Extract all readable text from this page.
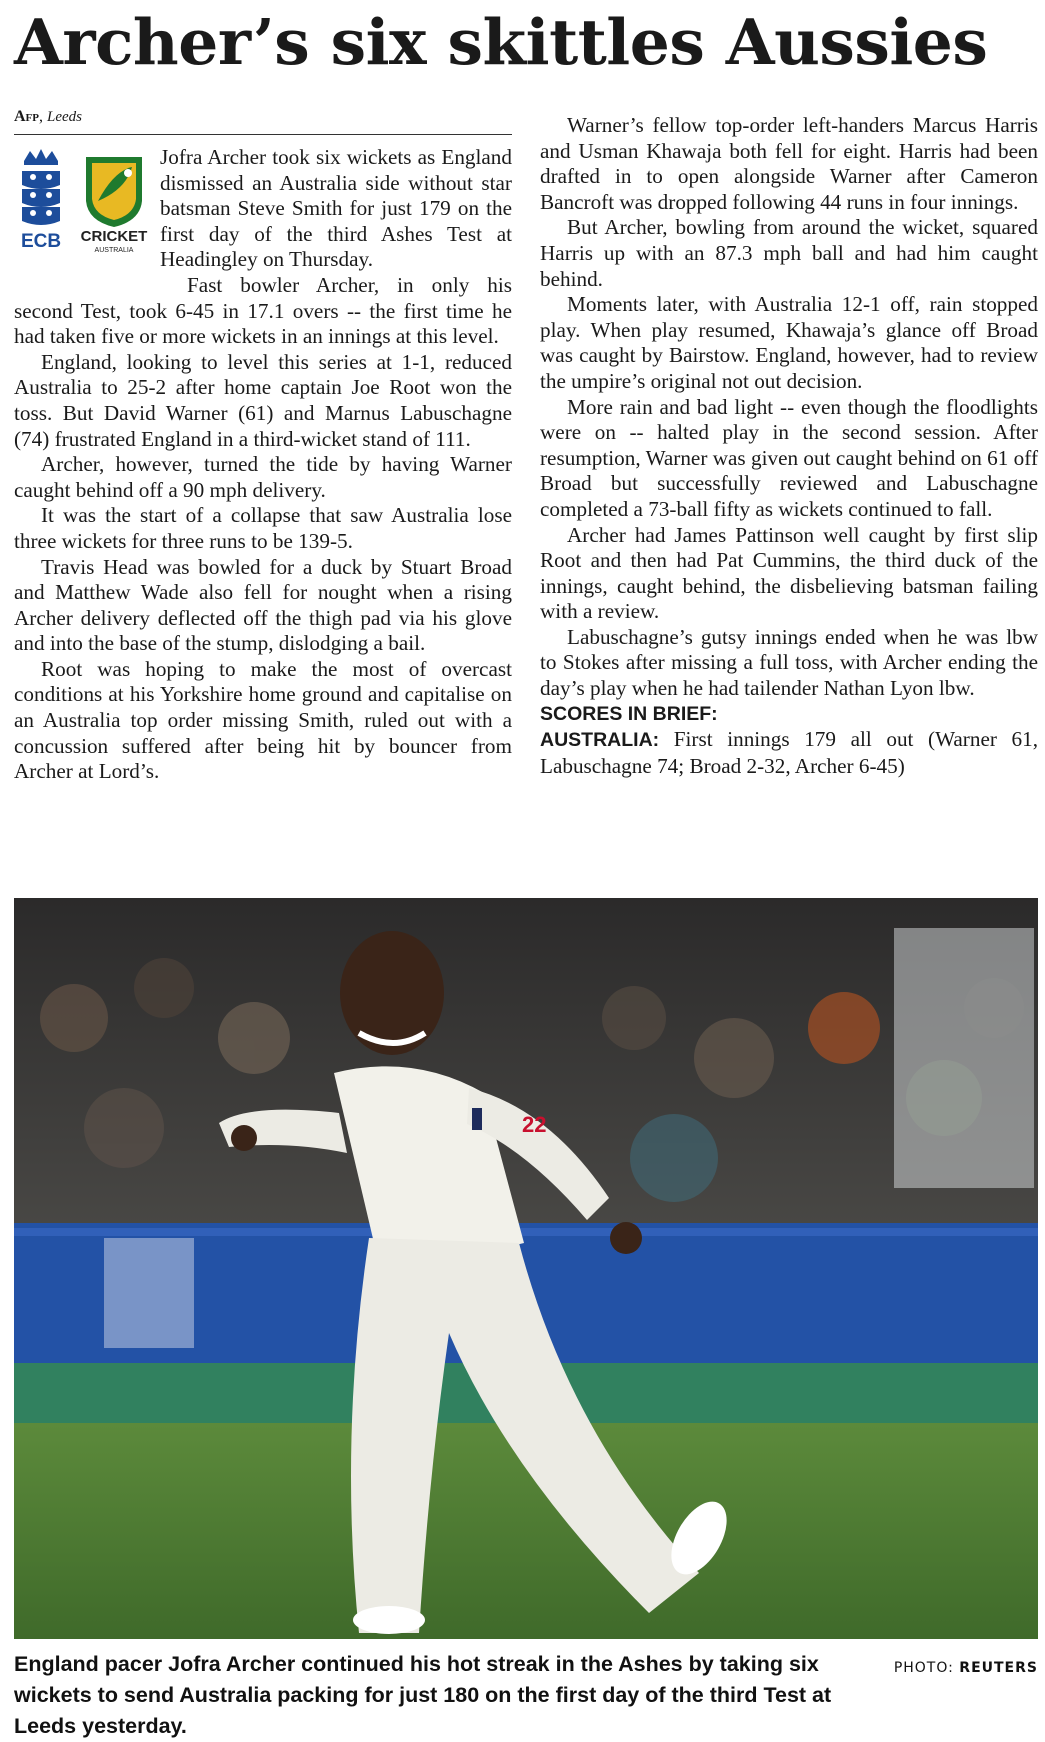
Archer’s six skittles Aussies
Afp, Leeds
ECB CRICKET
AUSTRALIA

Jofra Archer took six wickets as England dismissed an Australia side without star batsman Steve Smith for just 179 on the first day of the third Ashes Test at Headingley on Thursday.

Fast bowler Archer, in only his second Test, took 6-45 in 17.1 overs -- the first time he had taken five or more wickets in an innings at this level.

England, looking to level this series at 1-1, reduced Australia to 25-2 after home captain Joe Root won the toss. But David Warner (61) and Marnus Labuschagne (74) frustrated England in a third-wicket stand of 111.

Archer, however, turned the tide by having Warner caught behind off a 90 mph delivery.

It was the start of a collapse that saw Australia lose three wickets for three runs to be 139-5.

Travis Head was bowled for a duck by Stuart Broad and Matthew Wade also fell for nought when a rising Archer delivery deflected off the thigh pad via his glove and into the base of the stump, dislodging a bail.

Root was hoping to make the most of overcast conditions at his Yorkshire home ground and capitalise on an Australia top order missing Smith, ruled out with a concussion suffered after being hit by bouncer from Archer at Lord’s.

Warner’s fellow top-order left-handers Marcus Harris and Usman Khawaja both fell for eight. Harris had been drafted in to open alongside Warner after Cameron Bancroft was dropped following 44 runs in four innings.

But Archer, bowling from around the wicket, squared Harris up with an 87.3 mph ball and had him caught behind.

Moments later, with Australia 12-1 off, rain stopped play. When play resumed, Khawaja’s glance off Broad was caught by Bairstow. England, however, had to review the umpire’s original not out decision.

More rain and bad light -- even though the floodlights were on -- halted play in the second session. After resumption, Warner was given out caught behind on 61 off Broad but successfully reviewed and Labuschagne completed a 73-ball fifty as wickets continued to fall.

Archer had James Pattinson well caught by first slip Root and then had Pat Cummins, the third duck of the innings, caught behind, the disbelieving batsman failing with a review.

Labuschagne’s gutsy innings ended when he was lbw to Stokes after missing a full toss, with Archer ending the day’s play when he had tailender Nathan Lyon lbw.

SCORES IN BRIEF:

AUSTRALIA: First innings 179 all out (Warner 61, Labuschagne 74; Broad 2-32, Archer 6-45)

22
PHOTO: REUTERS
England pacer Jofra Archer continued his hot streak in the Ashes by taking six wickets to send Australia packing for just 180 on the first day of the third Test at Leeds yesterday.
